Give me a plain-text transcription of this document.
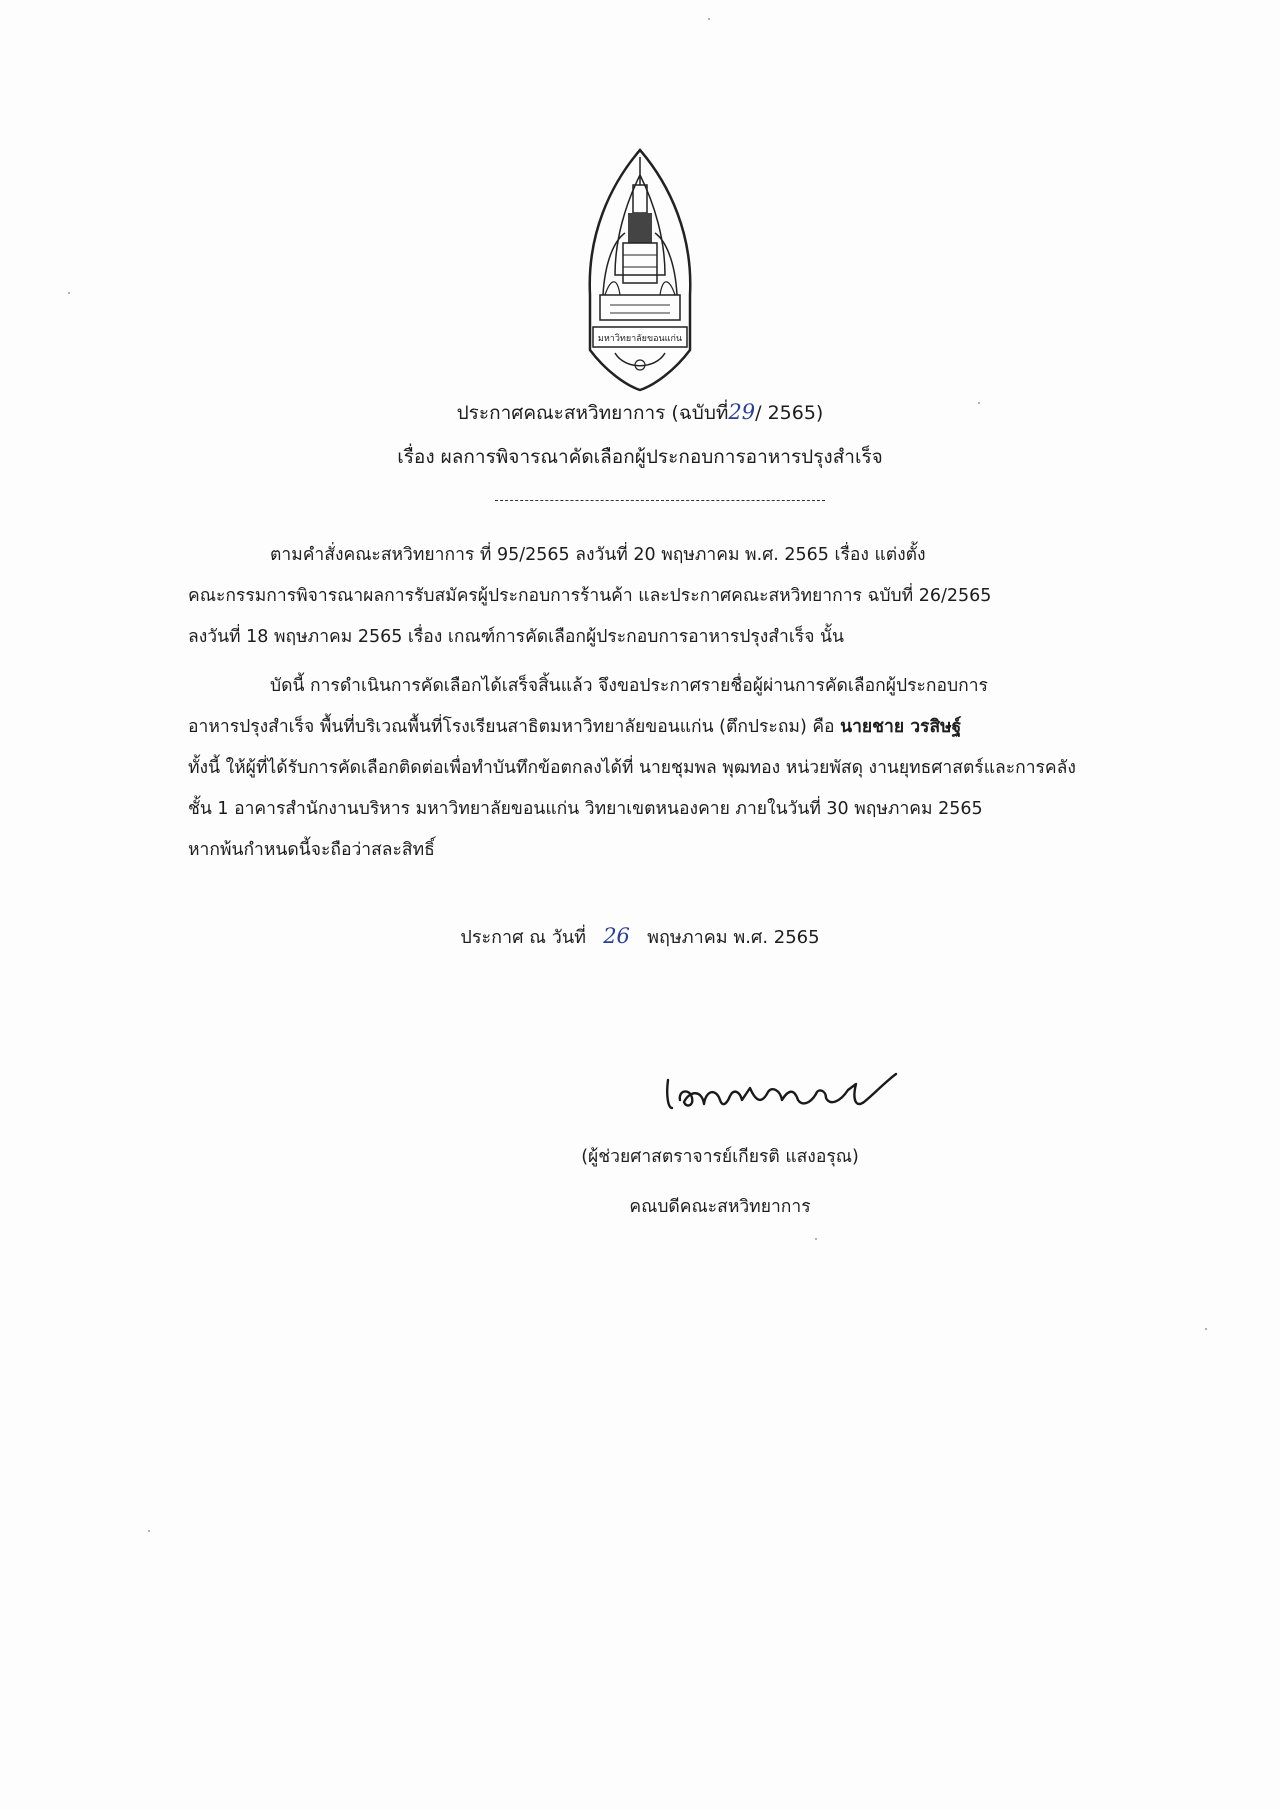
มหาวิทยาลัยขอนแก่น
ประกาศคณะสหวิทยาการ (ฉบับที่29/ 2565)
เรื่อง ผลการพิจารณาคัดเลือกผู้ประกอบการอาหารปรุงสำเร็จ
ตามคำสั่งคณะสหวิทยาการ ที่ 95/2565 ลงวันที่ 20 พฤษภาคม พ.ศ. 2565 เรื่อง แต่งตั้ง
คณะกรรมการพิจารณาผลการรับสมัครผู้ประกอบการร้านค้า และประกาศคณะสหวิทยาการ ฉบับที่ 26/2565
ลงวันที่ 18 พฤษภาคม 2565 เรื่อง เกณฑ์การคัดเลือกผู้ประกอบการอาหารปรุงสำเร็จ นั้น
บัดนี้ การดำเนินการคัดเลือกได้เสร็จสิ้นแล้ว จึงขอประกาศรายชื่อผู้ผ่านการคัดเลือกผู้ประกอบการ
อาหารปรุงสำเร็จ พื้นที่บริเวณพื้นที่โรงเรียนสาธิตมหาวิทยาลัยขอนแก่น (ตึกประถม) คือ นายชาย วรสิษฐ์
ทั้งนี้ ให้ผู้ที่ได้รับการคัดเลือกติดต่อเพื่อทำบันทึกข้อตกลงได้ที่ นายชุมพล พุฒทอง หน่วยพัสดุ งานยุทธศาสตร์และการคลัง
ชั้น 1 อาคารสำนักงานบริหาร มหาวิทยาลัยขอนแก่น วิทยาเขตหนองคาย ภายในวันที่ 30 พฤษภาคม 2565
หากพ้นกำหนดนี้จะถือว่าสละสิทธิ์
ประกาศ ณ วันที่ 26 พฤษภาคม พ.ศ. 2565
(ผู้ช่วยศาสตราจารย์เกียรติ แสงอรุณ)
คณบดีคณะสหวิทยาการ
